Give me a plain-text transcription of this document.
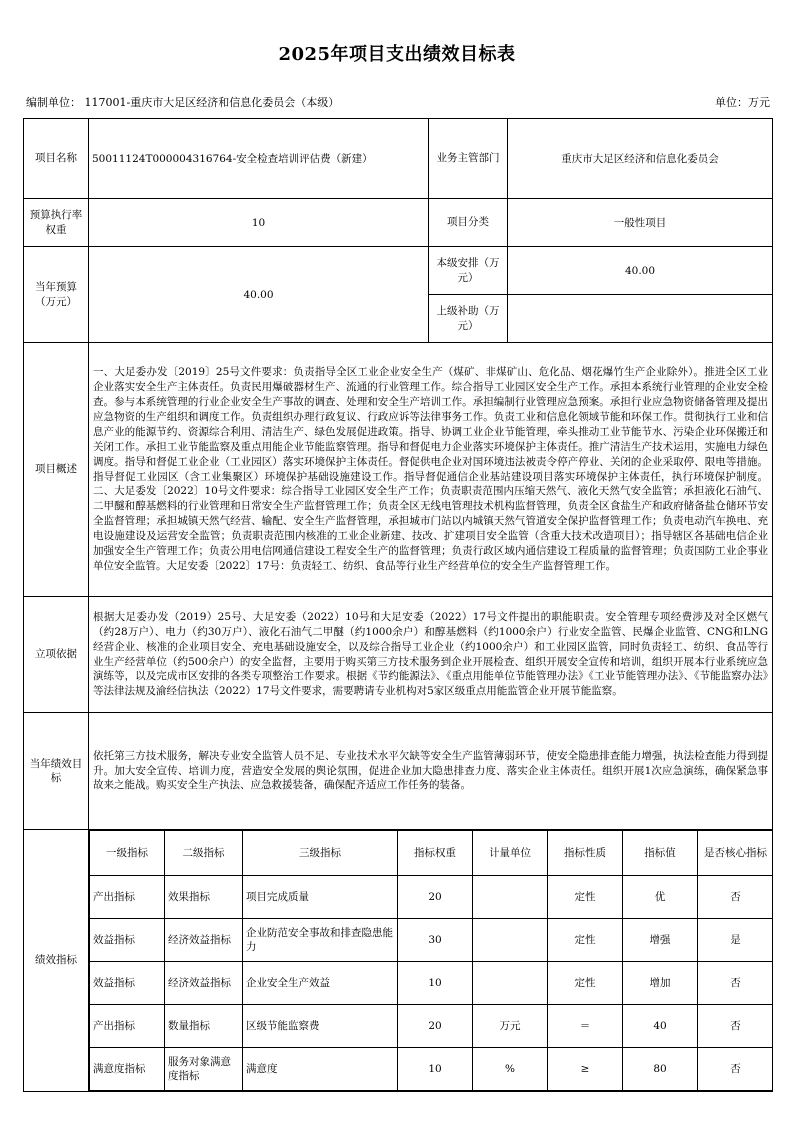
2025年项目支出绩效目标表
编制单位： 117001-重庆市大足区经济和信息化委员会（本级）	单位：万元
项目名称	50011124T000004316764-安全检查培训评估费（新建）	业务主管部门	重庆市大足区经济和信息化委员会
预算执行率权重	10	项目分类	一般性项目
当年预算（万元）	40.00	本级安排（万元）	40.00
上级补助（万元）	
项目概述	一、大足委办发〔2019〕25号文件要求：负责指导全区工业企业安全生产（煤矿、非煤矿山、危化品、烟花爆竹生产企业除外）。推进全区工业企业落实安全生产主体责任。负责民用爆破器材生产、流通的行业管理工作。综合指导工业园区安全生产工作。承担本系统行业管理的企业安全检查。参与本系统管理的行业企业安全生产事故的调查、处理和安全生产培训工作。承担编制行业管理应急预案。承担行业应急物资储备管理及提出应急物资的生产组织和调度工作。负责组织办理行政复议、行政应诉等法律事务工作。负责工业和信息化领域节能和环保工作。贯彻执行工业和信息产业的能源节约、资源综合利用、清洁生产、绿色发展促进政策。指导、协调工业企业节能管理，牵头推动工业节能节水、污染企业环保搬迁和关闭工作。承担工业节能监察及重点用能企业节能监察管理。指导和督促电力企业落实环境保护主体责任。推广清洁生产技术运用，实施电力绿色调度。指导和督促工业企业（工业园区）落实环境保护主体责任。督促供电企业对国环境违法被责令停产停业、关闭的企业采取停、限电等措施。指导督促工业园区（含工业集聚区）环境保护基础设施建设工作。指导督促通信企业基站建设项目落实环境保护主体责任，执行环境保护制度。二、大足委发〔2022〕10号文件要求：综合指导工业园区安全生产工作；负责职责范围内压缩天然气、液化天然气安全监管；承担液化石油气、二甲醚和醇基燃料的行业管理和日常安全生产监督管理工作；负责全区无线电管理技术机构监督管理，负责全区食盐生产和政府储备盐仓储环节安全监督管理；承担城镇天然气经营、输配、安全生产监督管理，承担城市门站以内城镇天然气管道安全保护监督管理工作；负责电动汽车换电、充电设施建设及运营安全监管；负责职责范围内核准的工业企业新建、技改、扩建项目安全监管（含重大技术改造项目）；指导辖区各基础电信企业加强安全生产管理工作；负责公用电信网通信建设工程安全生产的监督管理；负责行政区域内通信建设工程质量的监督管理；负责国防工业企事业单位安全监管。大足安委〔2022〕17号：负责轻工、纺织、食品等行业生产经营单位的安全生产监督管理工作。
立项依据	根据大足委办发（2019）25号、大足安委（2022）10号和大足安委（2022）17号文件提出的职能职责。安全管理专项经费涉及对全区燃气（约28万户）、电力（约30万户）、液化石油气二甲醚（约1000余户）和醇基燃料（约1000余户）行业安全监管、民爆企业监管、CNG和LNG经营企业、核准的企业项目安全、充电基础设施安全，以及综合指导工业企业（约1000余户）和工业园区监管，同时负责轻工、纺织、食品等行业生产经营单位（约500余户）的安全监督，主要用于购买第三方技术服务到企业开展检查、组织开展安全宣传和培训，组织开展本行业系统应急演练等，以及完成市区安排的各类专项整治工作要求。根据《节约能源法》、《重点用能单位节能管理办法》《工业节能管理办法》、《节能监察办法》等法律法规及渝经信执法（2022）17号文件要求，需要聘请专业机构对5家区级重点用能监管企业开展节能监察。
当年绩效目标	依托第三方技术服务，解决专业安全监管人员不足、专业技术水平欠缺等安全生产监管薄弱环节，使安全隐患排查能力增强，执法检查能力得到提升。加大安全宣传、培训力度，营造安全发展的舆论氛围，促进企业加大隐患排查力度、落实企业主体责任。组织开展1次应急演练，确保紧急事故来之能战。购买安全生产执法、应急救援装备，确保配齐适应工作任务的装备。
绩效指标	
一级指标	二级指标	三级指标	指标权重	计量单位	指标性质	指标值	是否核心指标
产出指标	效果指标	项目完成质量	20		定性	优	否
效益指标	经济效益指标	企业防范安全事故和排查隐患能力	30		定性	增强	是
效益指标	经济效益指标	企业安全生产效益	10		定性	增加	否
产出指标	数量指标	区级节能监察费	20	万元	＝	40	否
满意度指标	服务对象满意度指标	满意度	10	%	≥	80	否
